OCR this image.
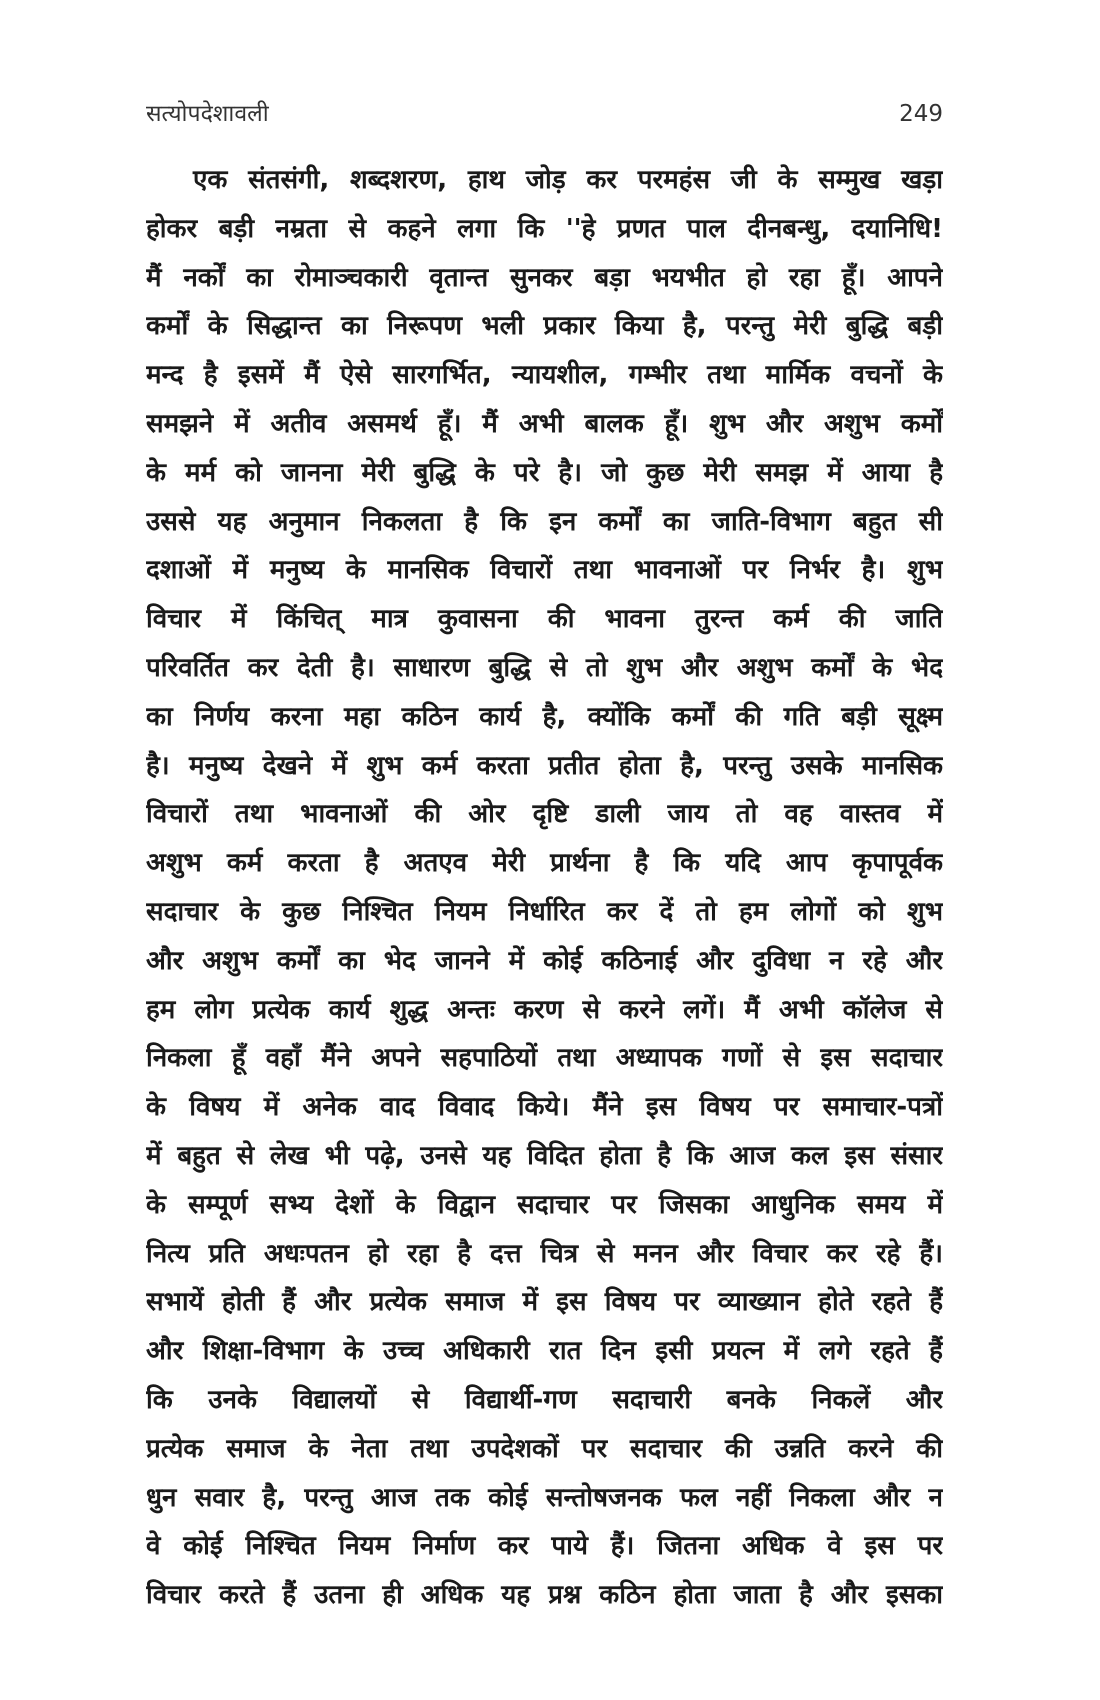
सत्योपदेशावली	249
एक संतसंगी, शब्दशरण, हाथ जोड़ कर परमहंस जी के सम्मुख खड़ा
होकर बड़ी नम्रता से कहने लगा कि ''हे प्रणत पाल दीनबन्धु, दयानिधि!
मैं नर्कों का रोमाञ्चकारी वृतान्त सुनकर बड़ा भयभीत हो रहा हूँ। आपने
कर्मों के सिद्धान्त का निरूपण भली प्रकार किया है, परन्तु मेरी बुद्धि बड़ी
मन्द है इसमें मैं ऐसे सारगर्भित, न्यायशील, गम्भीर तथा मार्मिक वचनों के
समझने में अतीव असमर्थ हूँ। मैं अभी बालक हूँ। शुभ और अशुभ कर्मों
के मर्म को जानना मेरी बुद्धि के परे है। जो कुछ मेरी समझ में आया है
उससे यह अनुमान निकलता है कि इन कर्मों का जाति-विभाग बहुत सी
दशाओं में मनुष्य के मानसिक विचारों तथा भावनाओं पर निर्भर है। शुभ
विचार में किंचित् मात्र कुवासना की भावना तुरन्त कर्म की जाति
परिवर्तित कर देती है। साधारण बुद्धि से तो शुभ और अशुभ कर्मों के भेद
का निर्णय करना महा कठिन कार्य है, क्योंकि कर्मों की गति बड़ी सूक्ष्म
है। मनुष्य देखने में शुभ कर्म करता प्रतीत होता है, परन्तु उसके मानसिक
विचारों तथा भावनाओं की ओर दृष्टि डाली जाय तो वह वास्तव में
अशुभ कर्म करता है अतएव मेरी प्रार्थना है कि यदि आप कृपापूर्वक
सदाचार के कुछ निश्चित नियम निर्धारित कर दें तो हम लोगों को शुभ
और अशुभ कर्मों का भेद जानने में कोई कठिनाई और दुविधा न रहे और
हम लोग प्रत्येक कार्य शुद्ध अन्तः करण से करने लगें। मैं अभी कॉलेज से
निकला हूँ वहाँ मैंने अपने सहपाठियों तथा अध्यापक गणों से इस सदाचार
के विषय में अनेक वाद विवाद किये। मैंने इस विषय पर समाचार-पत्रों
में बहुत से लेख भी पढ़े, उनसे यह विदित होता है कि आज कल इस संसार
के सम्पूर्ण सभ्य देशों के विद्वान सदाचार पर जिसका आधुनिक समय में
नित्य प्रति अधःपतन हो रहा है दत्त चित्र से मनन और विचार कर रहे हैं।
सभायें होती हैं और प्रत्येक समाज में इस विषय पर व्याख्यान होते रहते हैं
और शिक्षा-विभाग के उच्च अधिकारी रात दिन इसी प्रयत्न में लगे रहते हैं
कि उनके विद्यालयों से विद्यार्थी-गण सदाचारी बनके निकलें और
प्रत्येक समाज के नेता तथा उपदेशकों पर सदाचार की उन्नति करने की
धुन सवार है, परन्तु आज तक कोई सन्तोषजनक फल नहीं निकला और न
वे कोई निश्चित नियम निर्माण कर पाये हैं। जितना अधिक वे इस पर
विचार करते हैं उतना ही अधिक यह प्रश्न कठिन होता जाता है और इसका
